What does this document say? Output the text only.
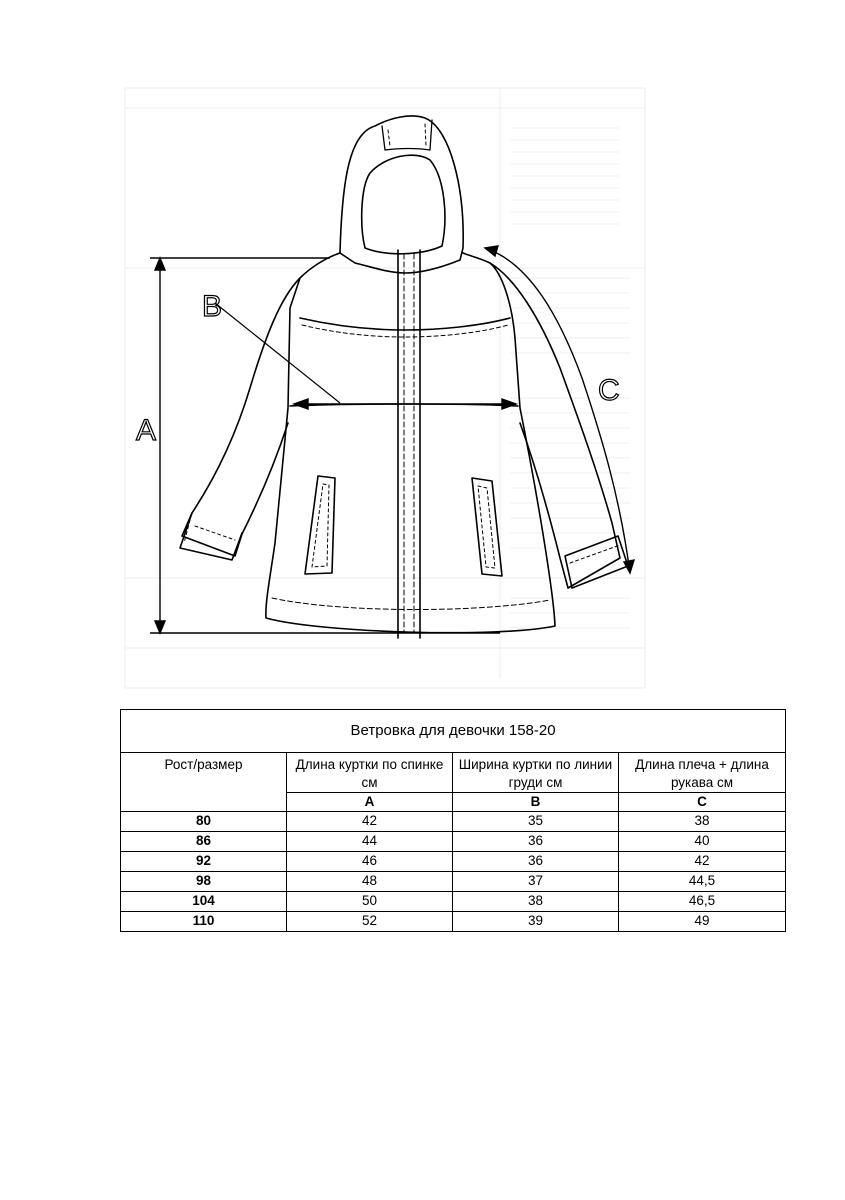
A
B
C
Ветровка для девочки 158-20			
Рост/размер	Длина куртки по спинке см	Ширина куртки по линии груди см	Длина плеча + длина рукава см
	A	B	C
80	42	35	38
86	44	36	40
92	46	36	42
98	48	37	44,5
104	50	38	46,5
110	52	39	49
